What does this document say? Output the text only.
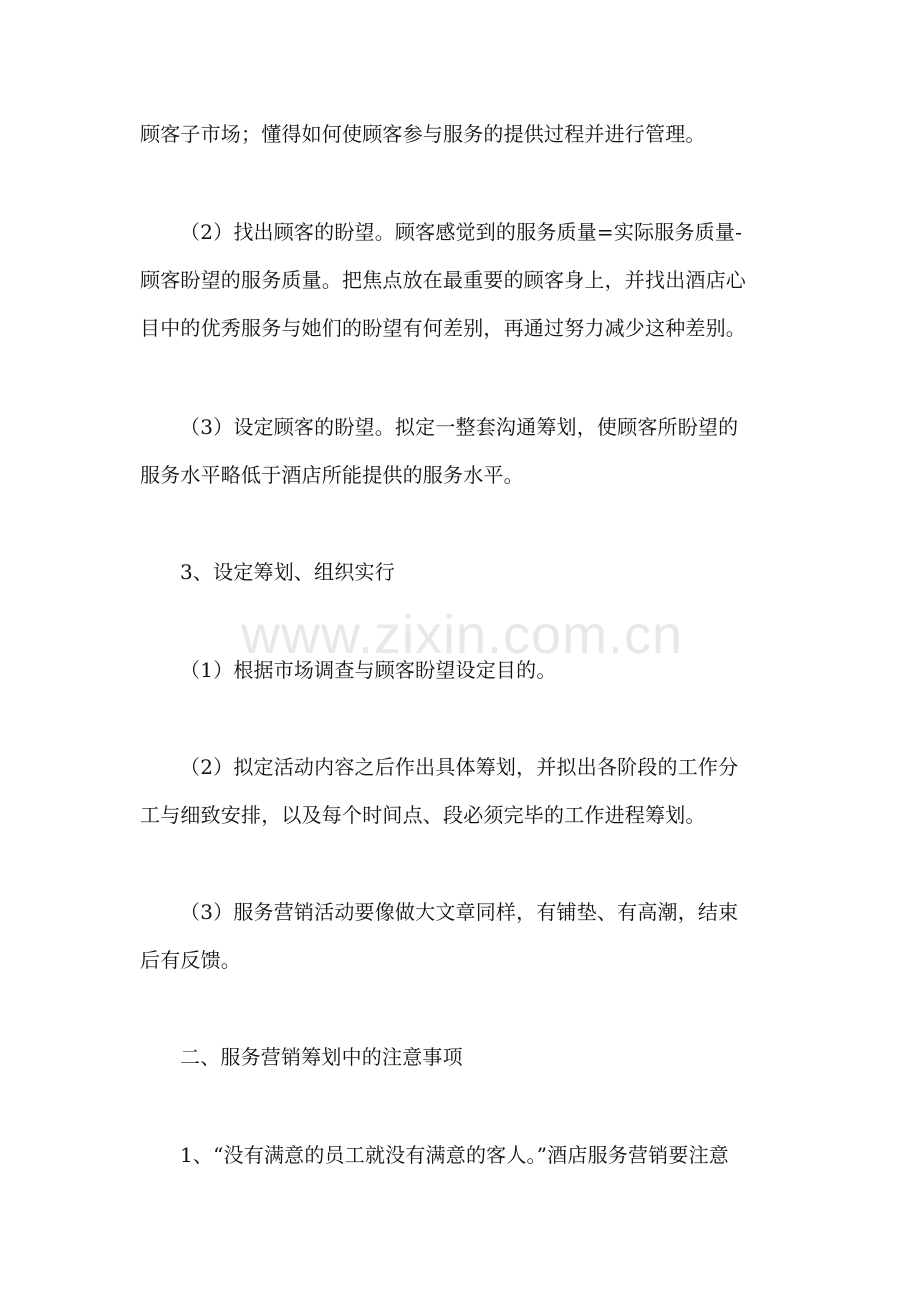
顾客子市场；懂得如何使顾客参与服务的提供过程并进行管理。
（2）找出顾客的盼望。顾客感觉到的服务质量=实际服务质量-
顾客盼望的服务质量。把焦点放在最重要的顾客身上，并找出酒店心
目中的优秀服务与她们的盼望有何差别，再通过努力减少这种差别。
（3）设定顾客的盼望。拟定一整套沟通筹划，使顾客所盼望的
服务水平略低于酒店所能提供的服务水平。
3、设定筹划、组织实行
（1）根据市场调查与顾客盼望设定目的。
（2）拟定活动内容之后作出具体筹划，并拟出各阶段的工作分
工与细致安排，以及每个时间点、段必须完毕的工作进程筹划。
（3）服务营销活动要像做大文章同样，有铺垫、有高潮，结束
后有反馈。
二、服务营销筹划中的注意事项
1、“没有满意的员工就没有满意的客人。”酒店服务营销要注意
www.zixin.com.cn
